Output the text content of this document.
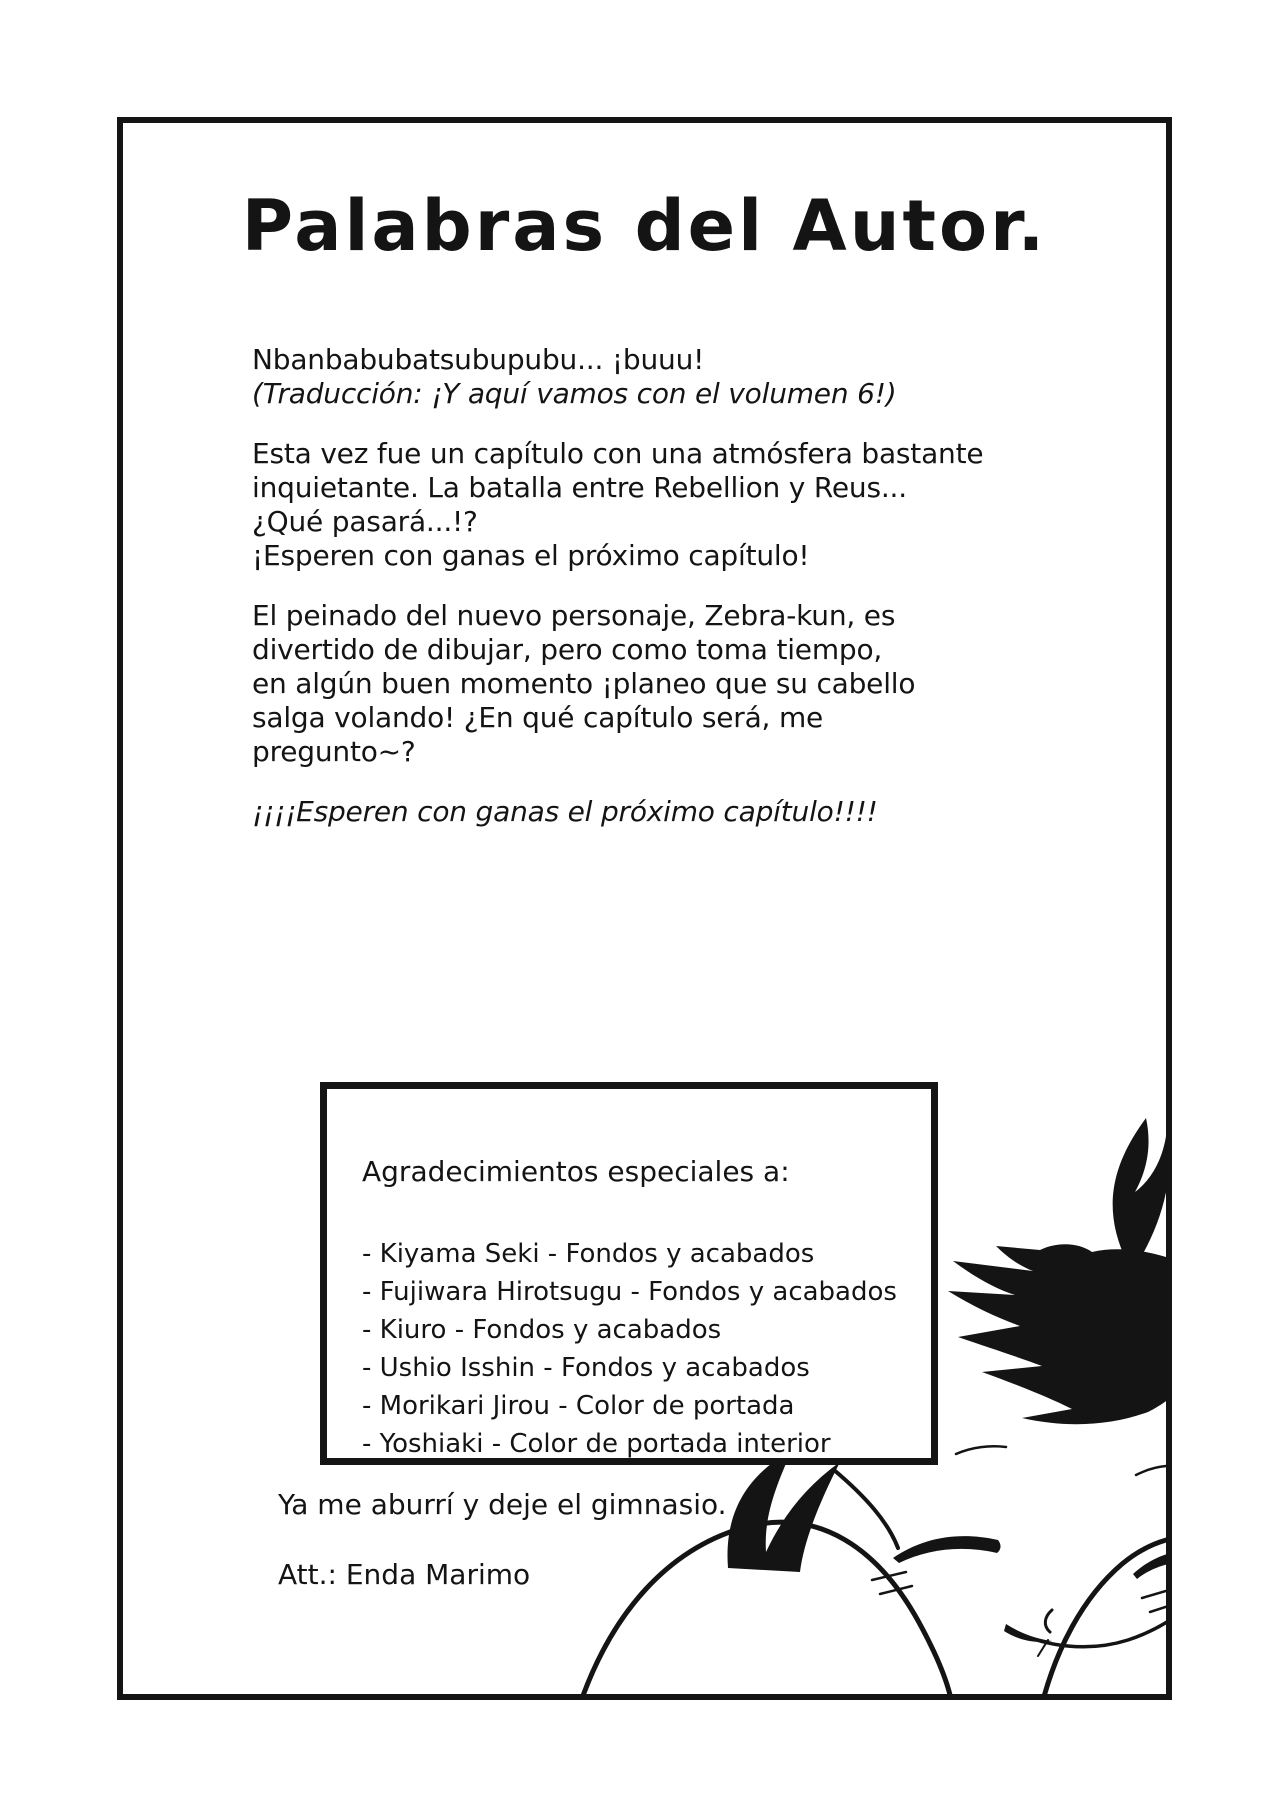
Palabras del Autor.

Nbanbabubatsubupubu... ¡buuu!
(Traducción: ¡Y aquí vamos con el volumen 6!)

Esta vez fue un capítulo con una atmósfera bastante
inquietante. La batalla entre Rebellion y Reus...
¿Qué pasará...!?
¡Esperen con ganas el próximo capítulo!

El peinado del nuevo personaje, Zebra-kun, es
divertido de dibujar, pero como toma tiempo,
en algún buen momento ¡planeo que su cabello
salga volando! ¿En qué capítulo será, me
pregunto~?

¡¡¡¡Esperen con ganas el próximo capítulo!!!!

Agradecimientos especiales a:
- Kiyama Seki - Fondos y acabados
- Fujiwara Hirotsugu - Fondos y acabados
- Kiuro - Fondos y acabados
- Ushio Isshin - Fondos y acabados
- Morikari Jirou - Color de portada
- Yoshiaki - Color de portada interior
Ya me aburrí y deje el gimnasio.
Att.: Enda Marimo
